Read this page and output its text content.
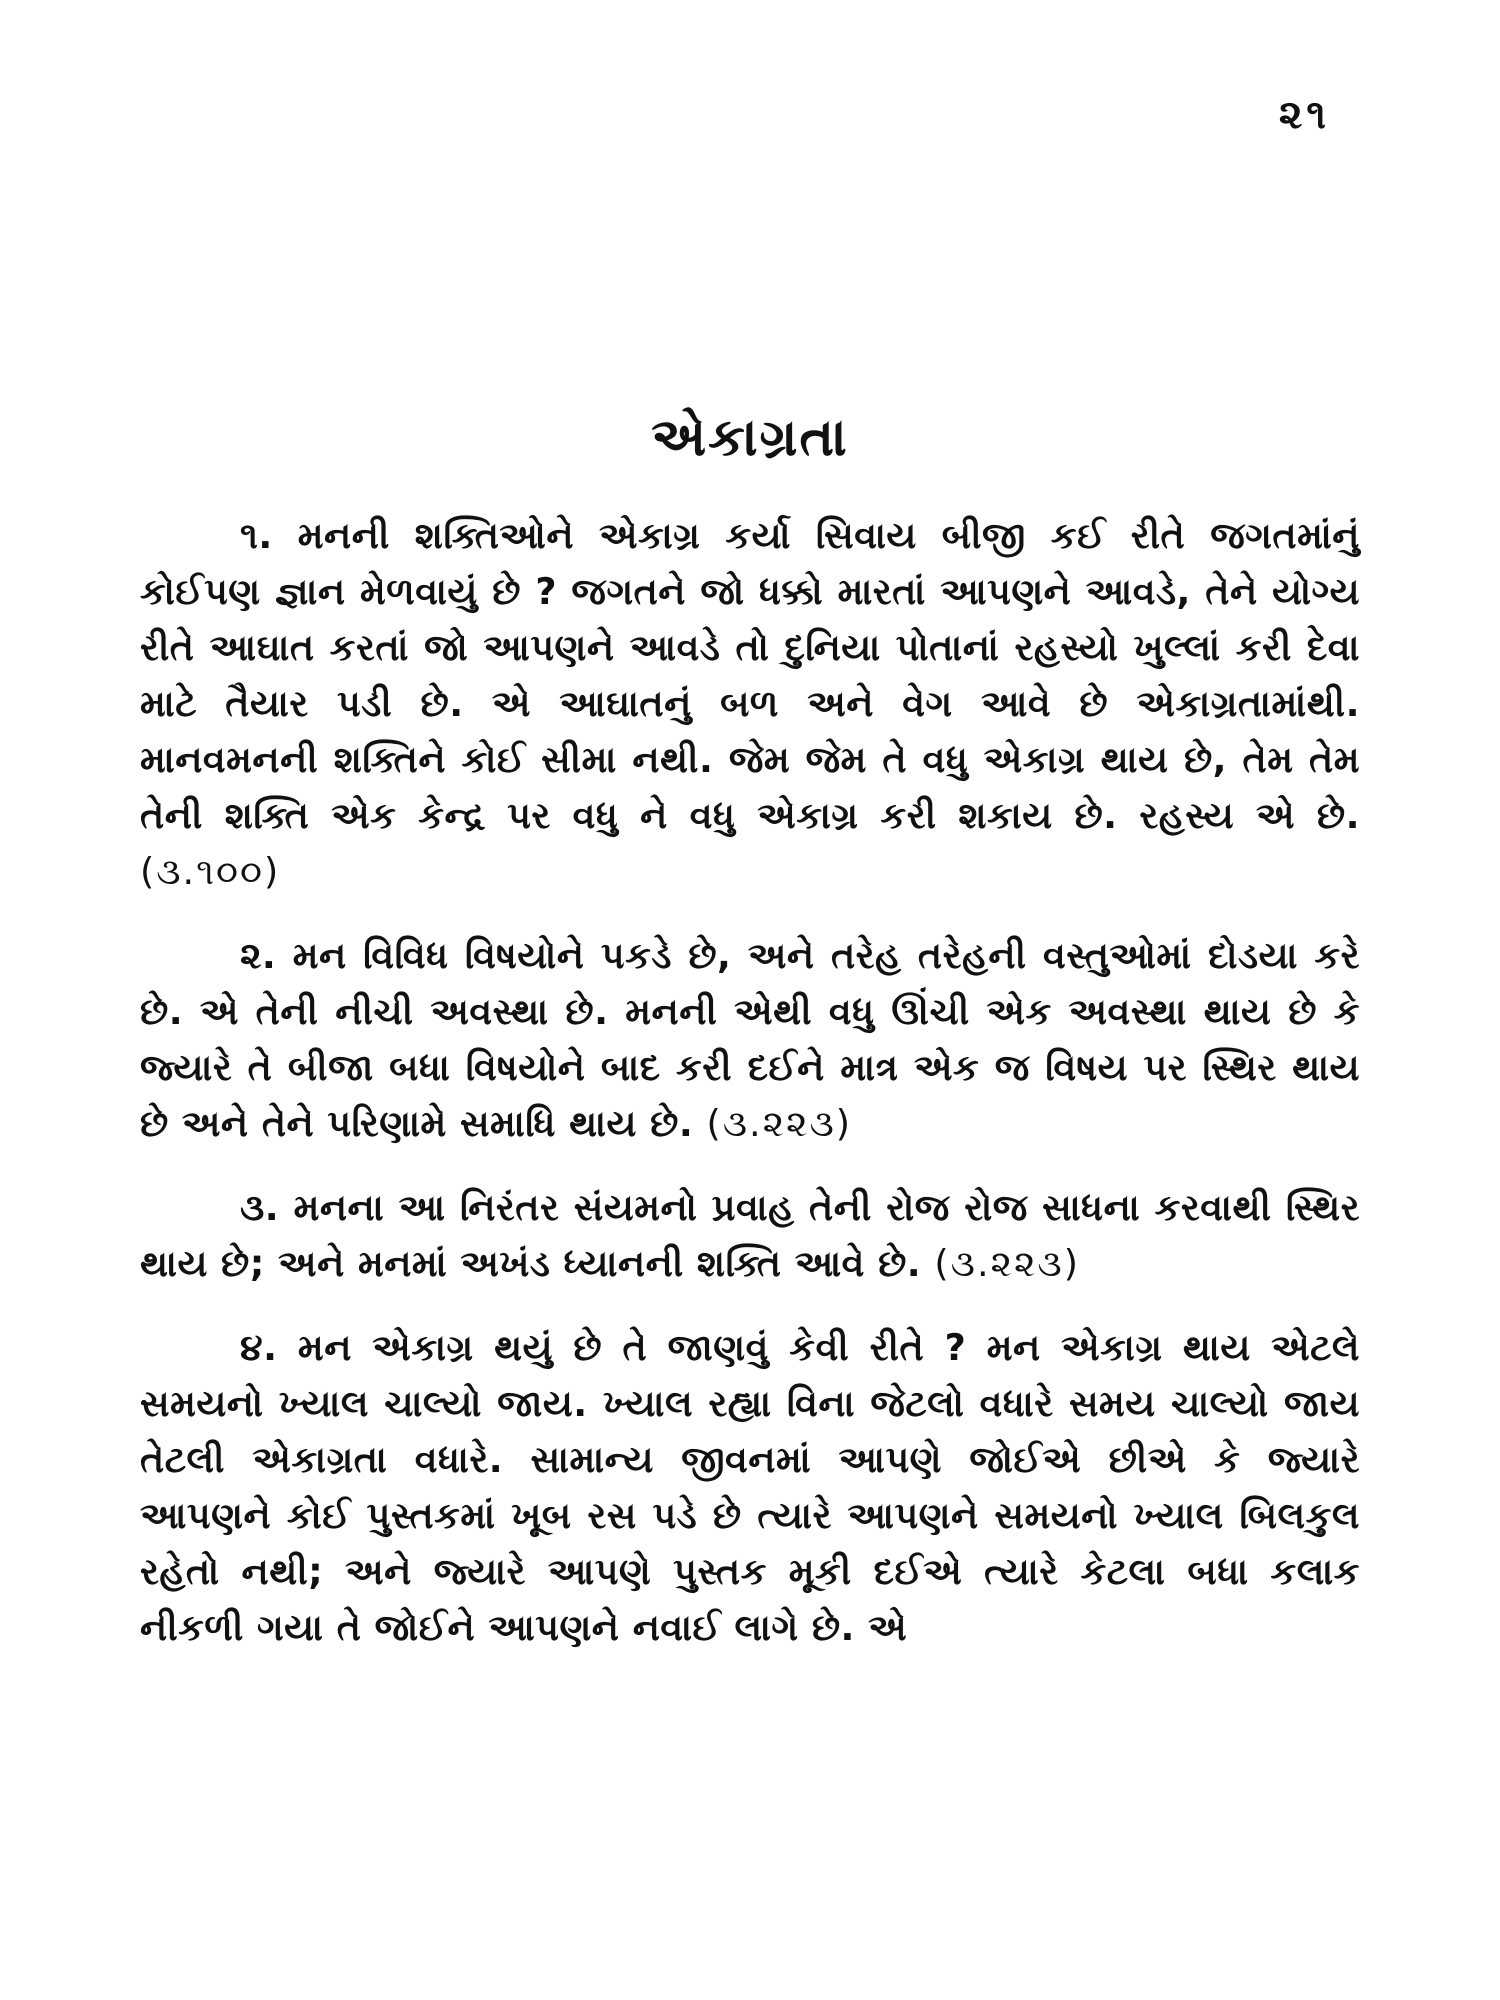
૨૧
એકાગ્રતા

૧. મનની શક્તિઓને એકાગ્ર કર્યા સિવાય બીજી કઈ રીતે જગતમાંનું કોઈપણ જ્ઞાન મેળવાયું છે ? જગતને જો ધક્કો મારતાં આપણને આવડે, તેને યોગ્ય રીતે આઘાત કરતાં જો આપણને આવડે તો દુનિયા પોતાનાં રહસ્યો ખુલ્લાં કરી દેવા માટે તૈયાર પડી છે. એ આઘાતનું બળ અને વેગ આવે છે એકાગ્રતામાંથી. માનવમનની શક્તિને કોઈ સીમા નથી. જેમ જેમ તે વધુ એકાગ્ર થાય છે, તેમ તેમ તેની શક્તિ એક કેન્દ્ર પર વધુ ને વધુ એકાગ્ર કરી શકાય છે. રહસ્ય એ છે. (૩.૧૦૦)

૨. મન વિવિધ વિષયોને પકડે છે, અને તરેહ તરેહની વસ્તુઓમાં દોડયા કરે છે. એ તેની નીચી અવસ્થા છે. મનની એથી વધુ ઊંચી એક અવસ્થા થાય છે કે જ્યારે તે બીજા બધા વિષયોને બાદ કરી દઈને માત્ર એક જ વિષય પર સ્થિર થાય છે અને તેને પરિણામે સમાધિ થાય છે. (૩.૨૨૩)

૩. મનના આ નિરંતર સંયમનો પ્રવાહ તેની રોજ રોજ સાધના કરવાથી સ્થિર થાય છે; અને મનમાં અખંડ ધ્યાનની શક્તિ આવે છે. (૩.૨૨૩)

૪. મન એકાગ્ર થયું છે તે જાણવું કેવી રીતે ? મન એકાગ્ર થાય એટલે સમયનો ખ્યાલ ચાલ્યો જાય. ખ્યાલ રહ્યા વિના જેટલો વધારે સમય ચાલ્યો જાય તેટલી એકાગ્રતા વધારે. સામાન્ય જીવનમાં આપણે જોઈએ છીએ કે જ્યારે આપણને કોઈ પુસ્તકમાં ખૂબ રસ પડે છે ત્યારે આપણને સમયનો ખ્યાલ બિલકુલ રહેતો નથી; અને જ્યારે આપણે પુસ્તક મૂકી દઈએ ત્યારે કેટલા બધા કલાક નીકળી ગયા તે જોઈને આપણને નવાઈ લાગે છે. એ
